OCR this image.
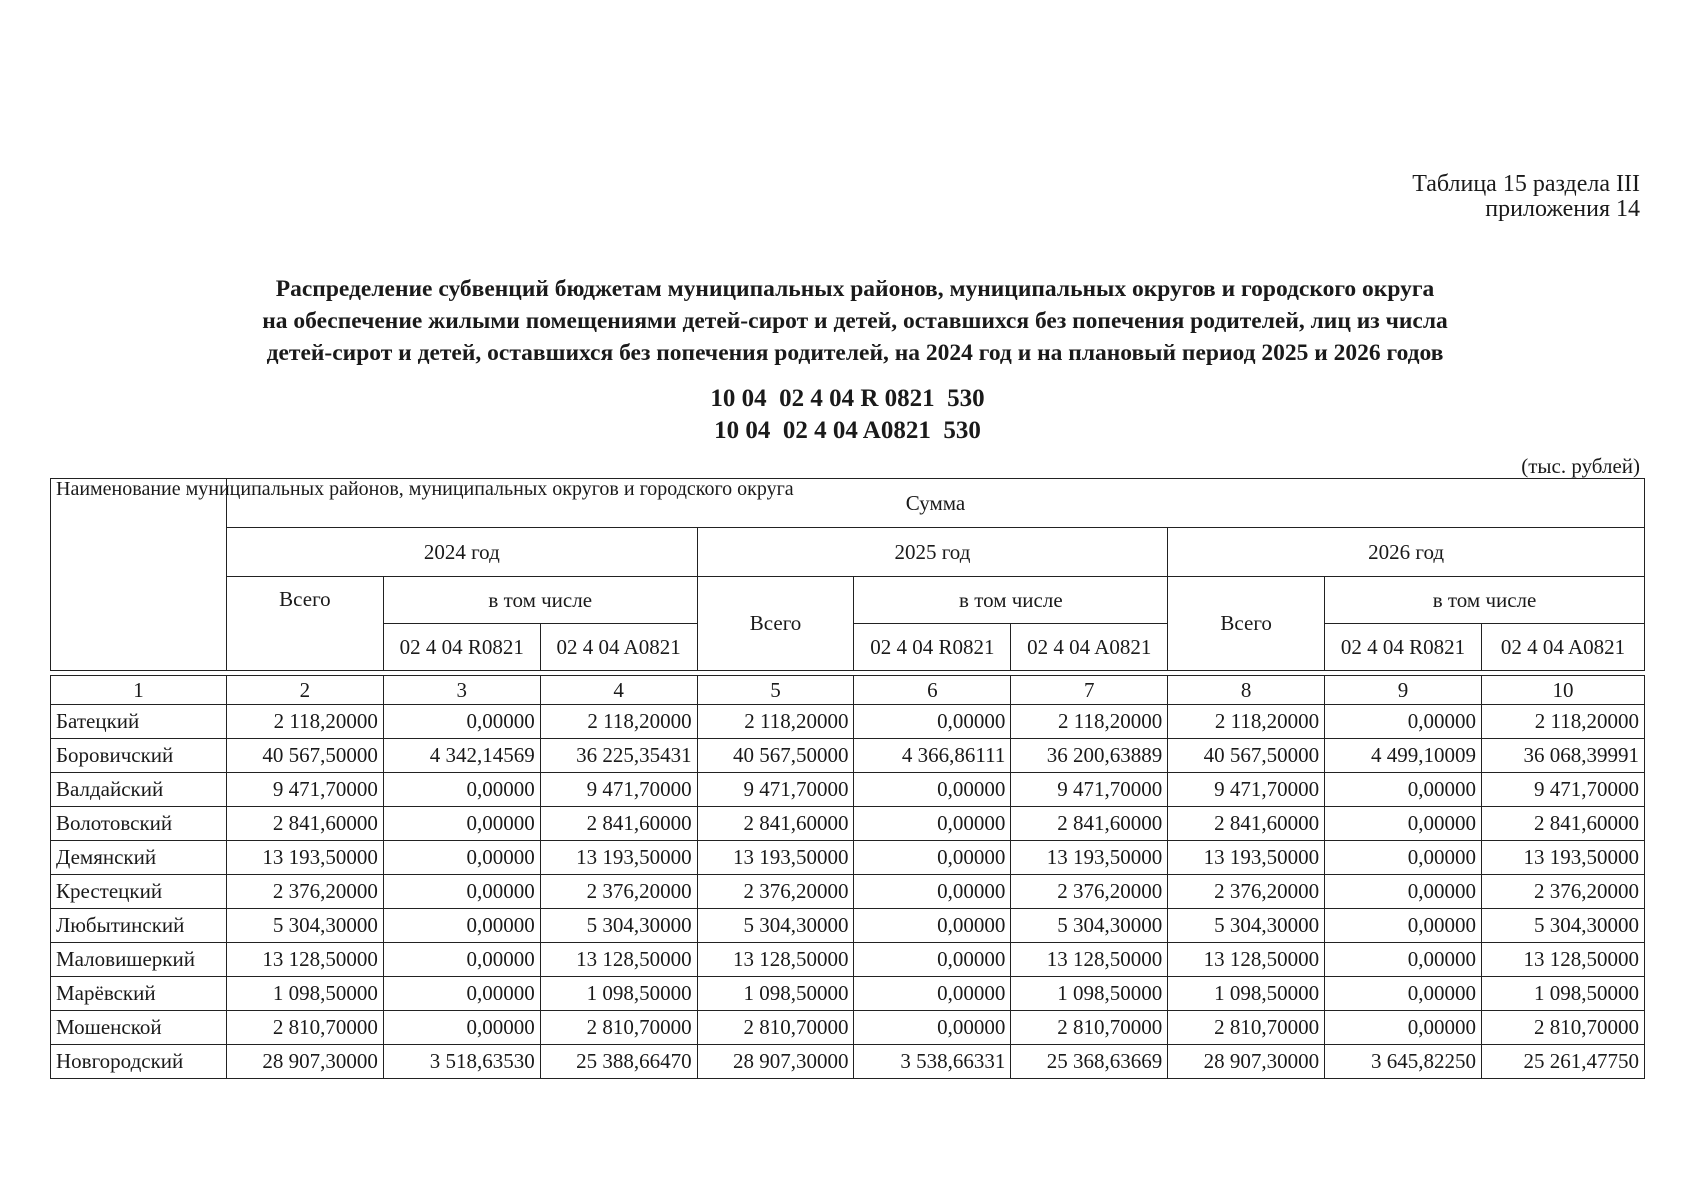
Таблица 15 раздела III
приложения 14
Распределение субвенций бюджетам муниципальных районов, муниципальных округов и городского округа
на обеспечение жилыми помещениями детей-сирот и детей, оставшихся без попечения родителей, лиц из числа
детей-сирот и детей, оставшихся без попечения родителей, на 2024 год и на плановый период 2025 и 2026 годов
10 04  02 4 04 R 0821  530
10 04  02 4 04 A0821  530
(тыс. рублей)
Наименование муниципальных районов, муниципальных округов и городского округа	Сумма								
	2024 год			2025 год			2026 год		
	Всего	в том числе		Всего	в том числе		Всего	в том числе	
		02 4 04 R0821	02 4 04 A0821		02 4 04 R0821	02 4 04 A0821		02 4 04 R0821	02 4 04 A0821

1	2	3	4	5	6	7	8	9	10
Батецкий	2 118,20000	0,00000	2 118,20000	2 118,20000	0,00000	2 118,20000	2 118,20000	0,00000	2 118,20000
Боровичский	40 567,50000	4 342,14569	36 225,35431	40 567,50000	4 366,86111	36 200,63889	40 567,50000	4 499,10009	36 068,39991
Валдайский	9 471,70000	0,00000	9 471,70000	9 471,70000	0,00000	9 471,70000	9 471,70000	0,00000	9 471,70000
Волотовский	2 841,60000	0,00000	2 841,60000	2 841,60000	0,00000	2 841,60000	2 841,60000	0,00000	2 841,60000
Демянский	13 193,50000	0,00000	13 193,50000	13 193,50000	0,00000	13 193,50000	13 193,50000	0,00000	13 193,50000
Крестецкий	2 376,20000	0,00000	2 376,20000	2 376,20000	0,00000	2 376,20000	2 376,20000	0,00000	2 376,20000
Любытинский	5 304,30000	0,00000	5 304,30000	5 304,30000	0,00000	5 304,30000	5 304,30000	0,00000	5 304,30000
Маловишеркий	13 128,50000	0,00000	13 128,50000	13 128,50000	0,00000	13 128,50000	13 128,50000	0,00000	13 128,50000
Марёвский	1 098,50000	0,00000	1 098,50000	1 098,50000	0,00000	1 098,50000	1 098,50000	0,00000	1 098,50000
Мошенской	2 810,70000	0,00000	2 810,70000	2 810,70000	0,00000	2 810,70000	2 810,70000	0,00000	2 810,70000
Новгородский	28 907,30000	3 518,63530	25 388,66470	28 907,30000	3 538,66331	25 368,63669	28 907,30000	3 645,82250	25 261,47750
